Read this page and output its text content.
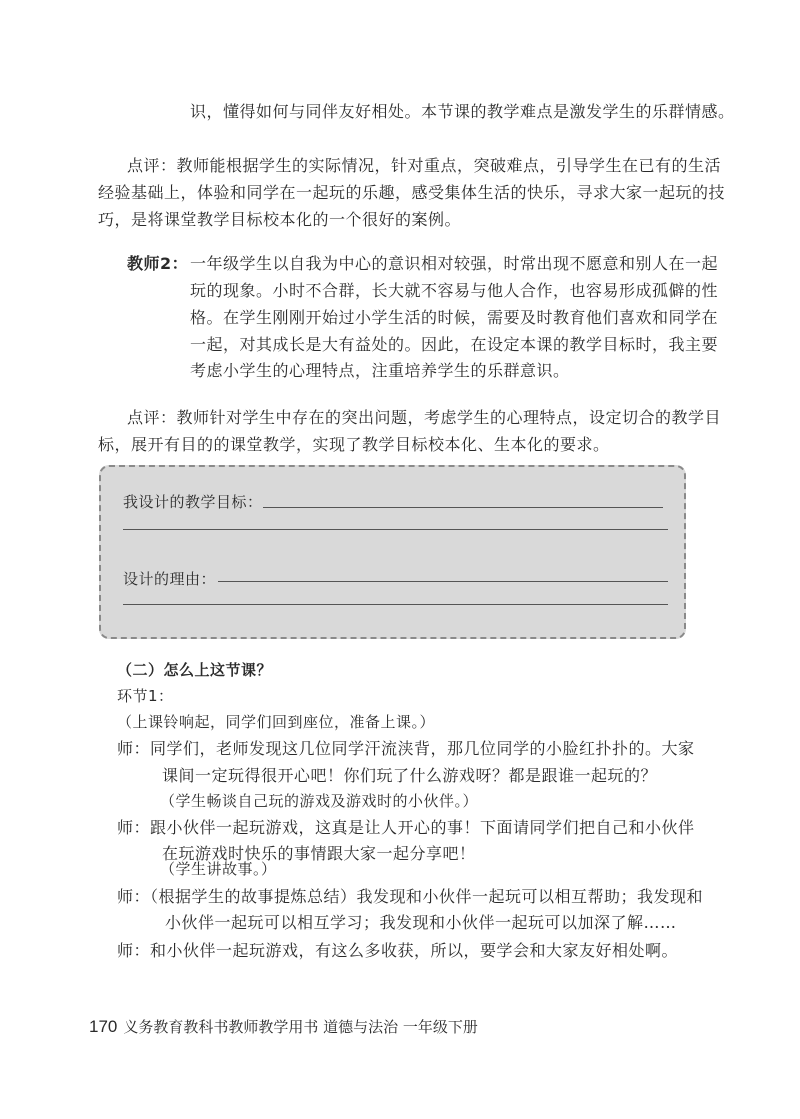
识，懂得如何与同伴友好相处。本节课的教学难点是激发学生的乐群情感。
点评：教师能根据学生的实际情况，针对重点，突破难点，引导学生在已有的生活
经验基础上，体验和同学在一起玩的乐趣，感受集体生活的快乐，寻求大家一起玩的技
巧，是将课堂教学目标校本化的一个很好的案例。
教师2： 一年级学生以自我为中心的意识相对较强，时常出现不愿意和别人在一起
玩的现象。小时不合群，长大就不容易与他人合作，也容易形成孤僻的性
格。在学生刚刚开始过小学生活的时候，需要及时教育他们喜欢和同学在
一起，对其成长是大有益处的。因此，在设定本课的教学目标时，我主要
考虑小学生的心理特点，注重培养学生的乐群意识。
点评：教师针对学生中存在的突出问题，考虑学生的心理特点，设定切合的教学目
标，展开有目的的课堂教学，实现了教学目标校本化、生本化的要求。
我设计的教学目标：
设计的理由：
（二）怎么上这节课？
环节1：
（上课铃响起，同学们回到座位，准备上课。）
师：同学们，老师发现这几位同学汗流浃背，那几位同学的小脸红扑扑的。大家
课间一定玩得很开心吧！你们玩了什么游戏呀？都是跟谁一起玩的？
（学生畅谈自己玩的游戏及游戏时的小伙伴。）
师：跟小伙伴一起玩游戏，这真是让人开心的事！下面请同学们把自己和小伙伴
在玩游戏时快乐的事情跟大家一起分享吧！
（学生讲故事。）
师：（根据学生的故事提炼总结）我发现和小伙伴一起玩可以相互帮助；我发现和
小伙伴一起玩可以相互学习；我发现和小伙伴一起玩可以加深了解……
师：和小伙伴一起玩游戏，有这么多收获，所以，要学会和大家友好相处啊。
170 义务教育教科书教师教学用书 道德与法治 一年级下册
